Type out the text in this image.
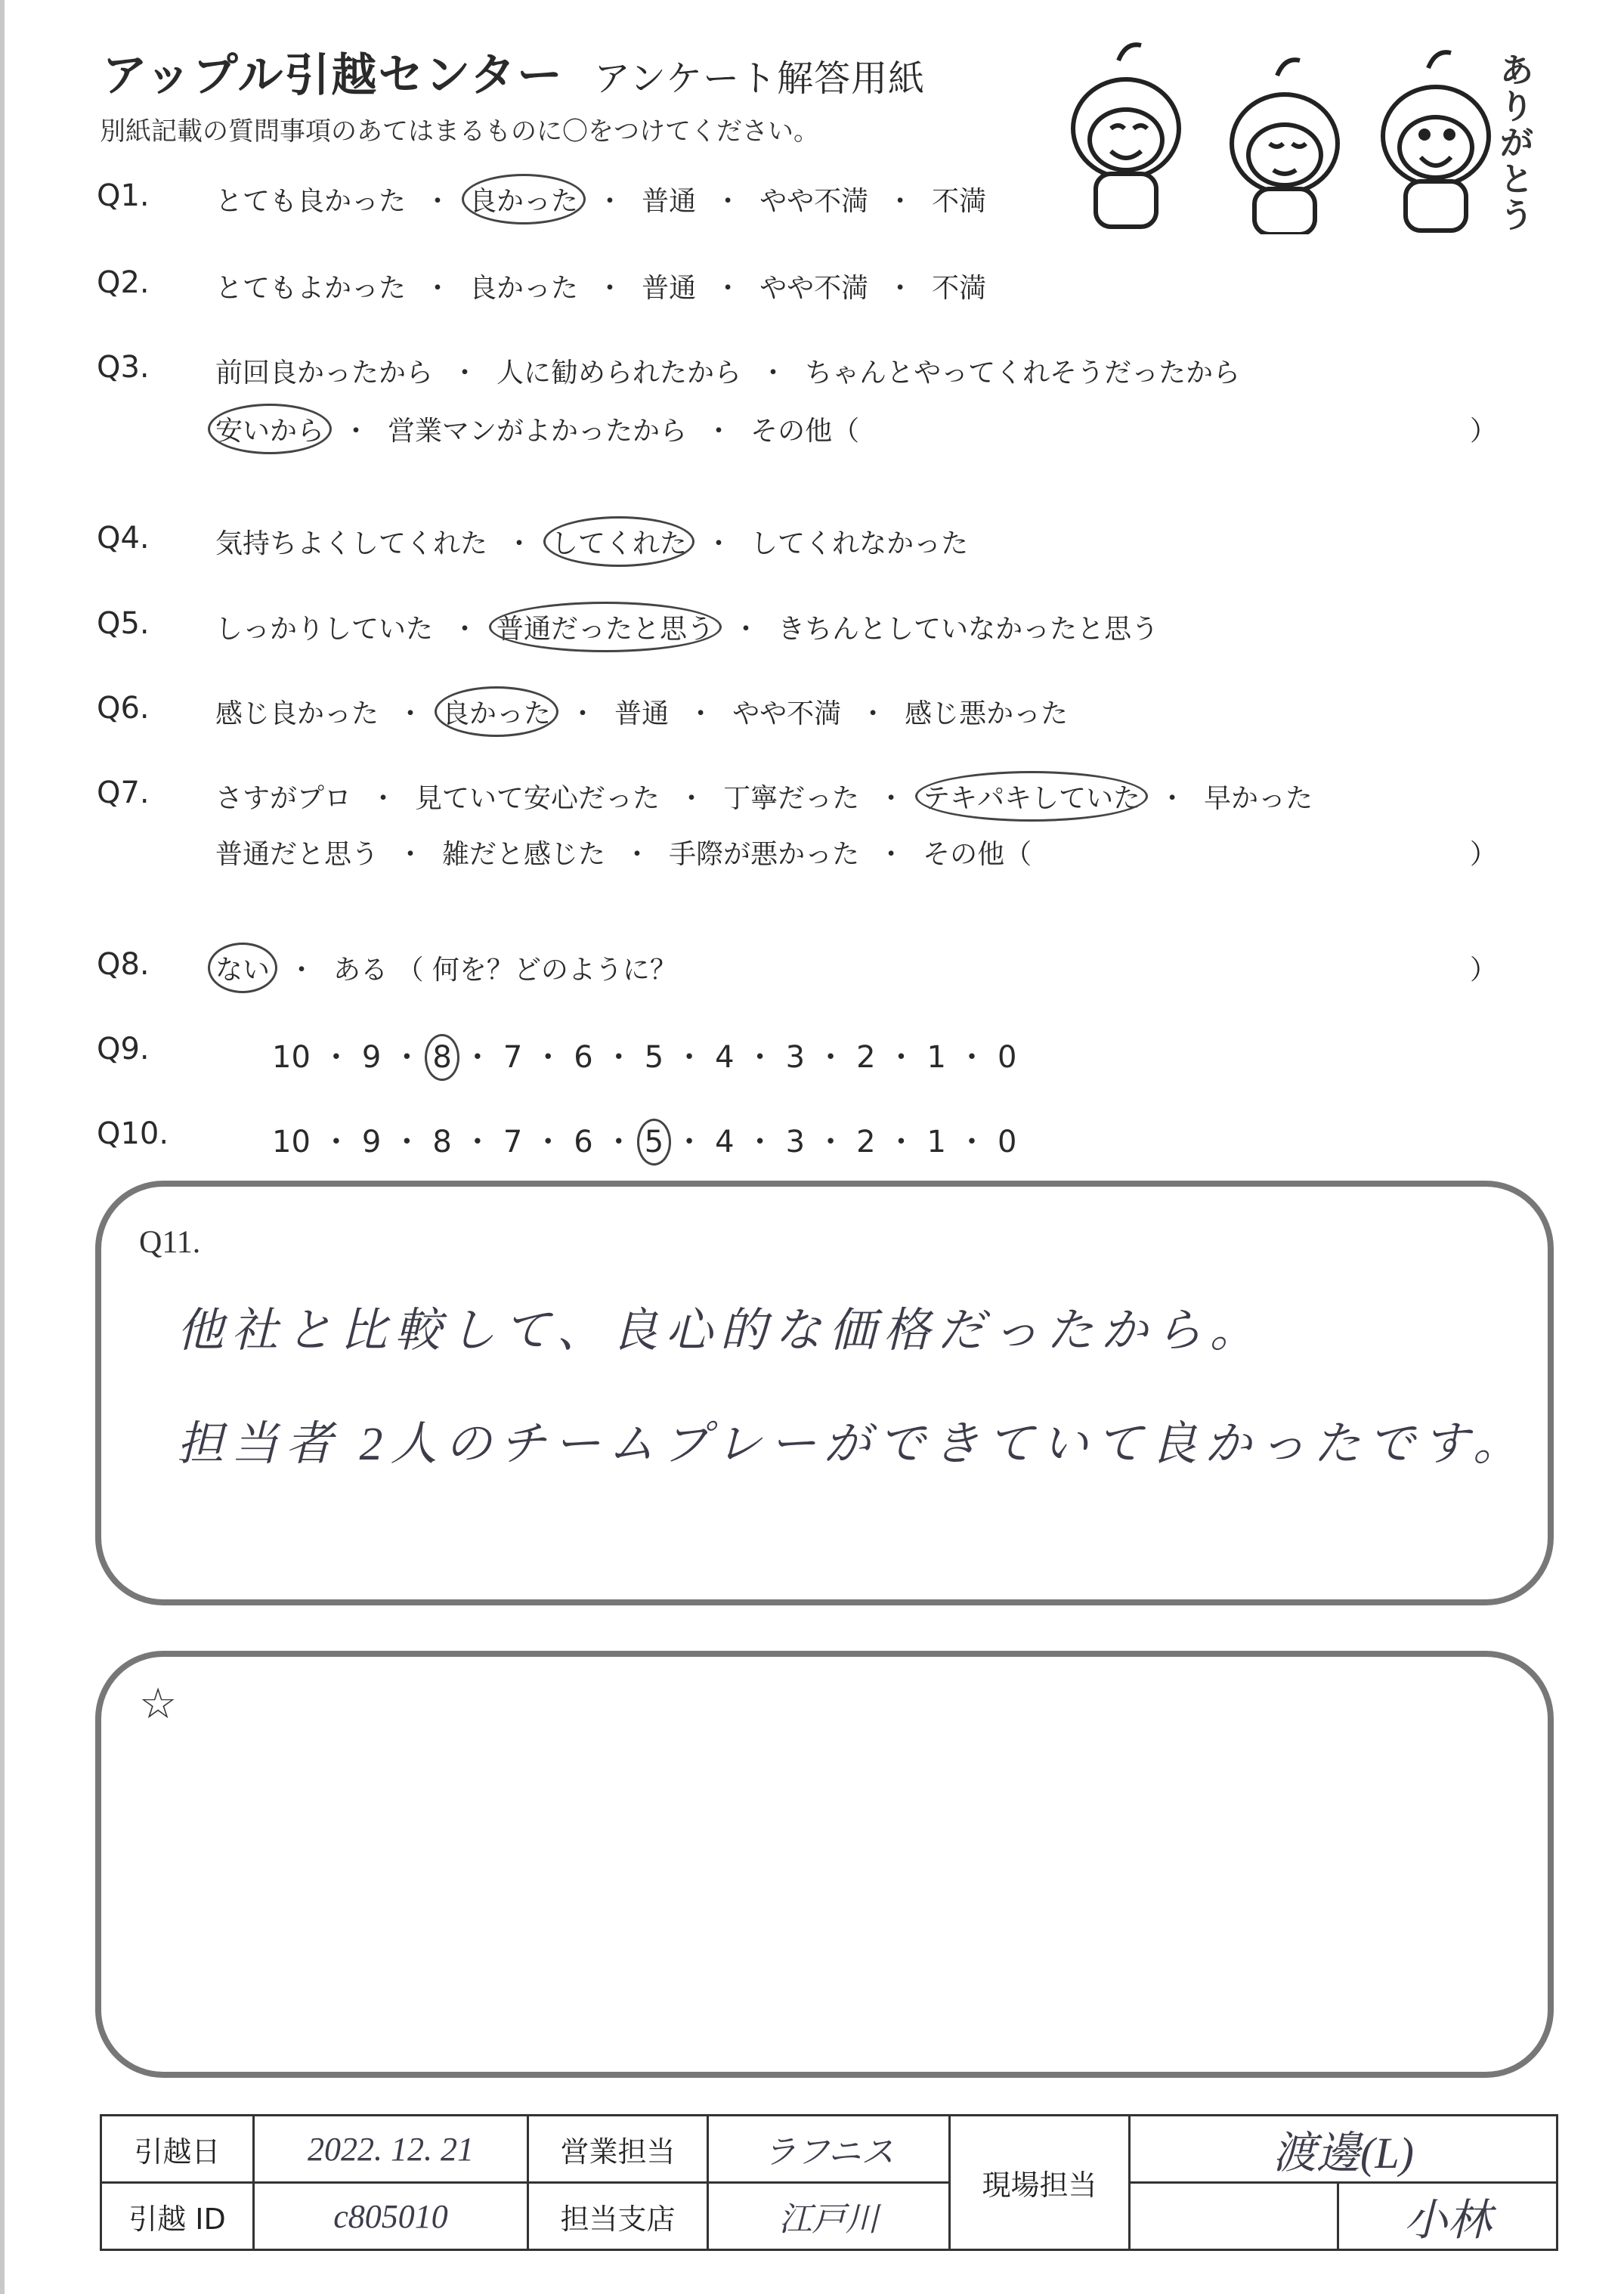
アップル引越センター アンケート解答用紙
別紙記載の質問事項のあてはまるものに〇をつけてください。
ありがとう
Q1. とても良かった ・ 良かった ・ 普通 ・ やや不満 ・ 不満
Q2. とてもよかった ・ 良かった ・ 普通 ・ やや不満 ・ 不満
Q3. 前回良かったから ・ 人に勧められたから ・ ちゃんとやってくれそうだったから
安いから ・ 営業マンがよかったから ・ その他（	）
Q4. 気持ちよくしてくれた ・ してくれた ・ してくれなかった
Q5. しっかりしていた ・ 普通だったと思う ・ きちんとしていなかったと思う
Q6. 感じ良かった ・ 良かった ・ 普通 ・ やや不満 ・ 感じ悪かった
Q7. さすがプロ ・ 見ていて安心だった ・ 丁寧だった ・ テキパキしていた ・ 早かった
普通だと思う ・ 雑だと感じた ・ 手際が悪かった ・ その他（	）
Q8. ない ・ ある （ 何を？どのように？	）
Q9.	10 ・ 9 ・ 8 ・ 7 ・ 6 ・ 5 ・ 4 ・ 3 ・ 2 ・ 1 ・ 0
Q10.	10 ・ 9 ・ 8 ・ 7 ・ 6 ・ 5 ・ 4 ・ 3 ・ 2 ・ 1 ・ 0
Q11.
他社と比較して、良心的な価格だったから。
担当者 2人のチームプレーができていて良かったです。
☆
引越日	2022. 12. 21	営業担当	ラフニス	現場担当	渡邊(L)	
引越 ID	c805010	担当支店	江戸川			小林
